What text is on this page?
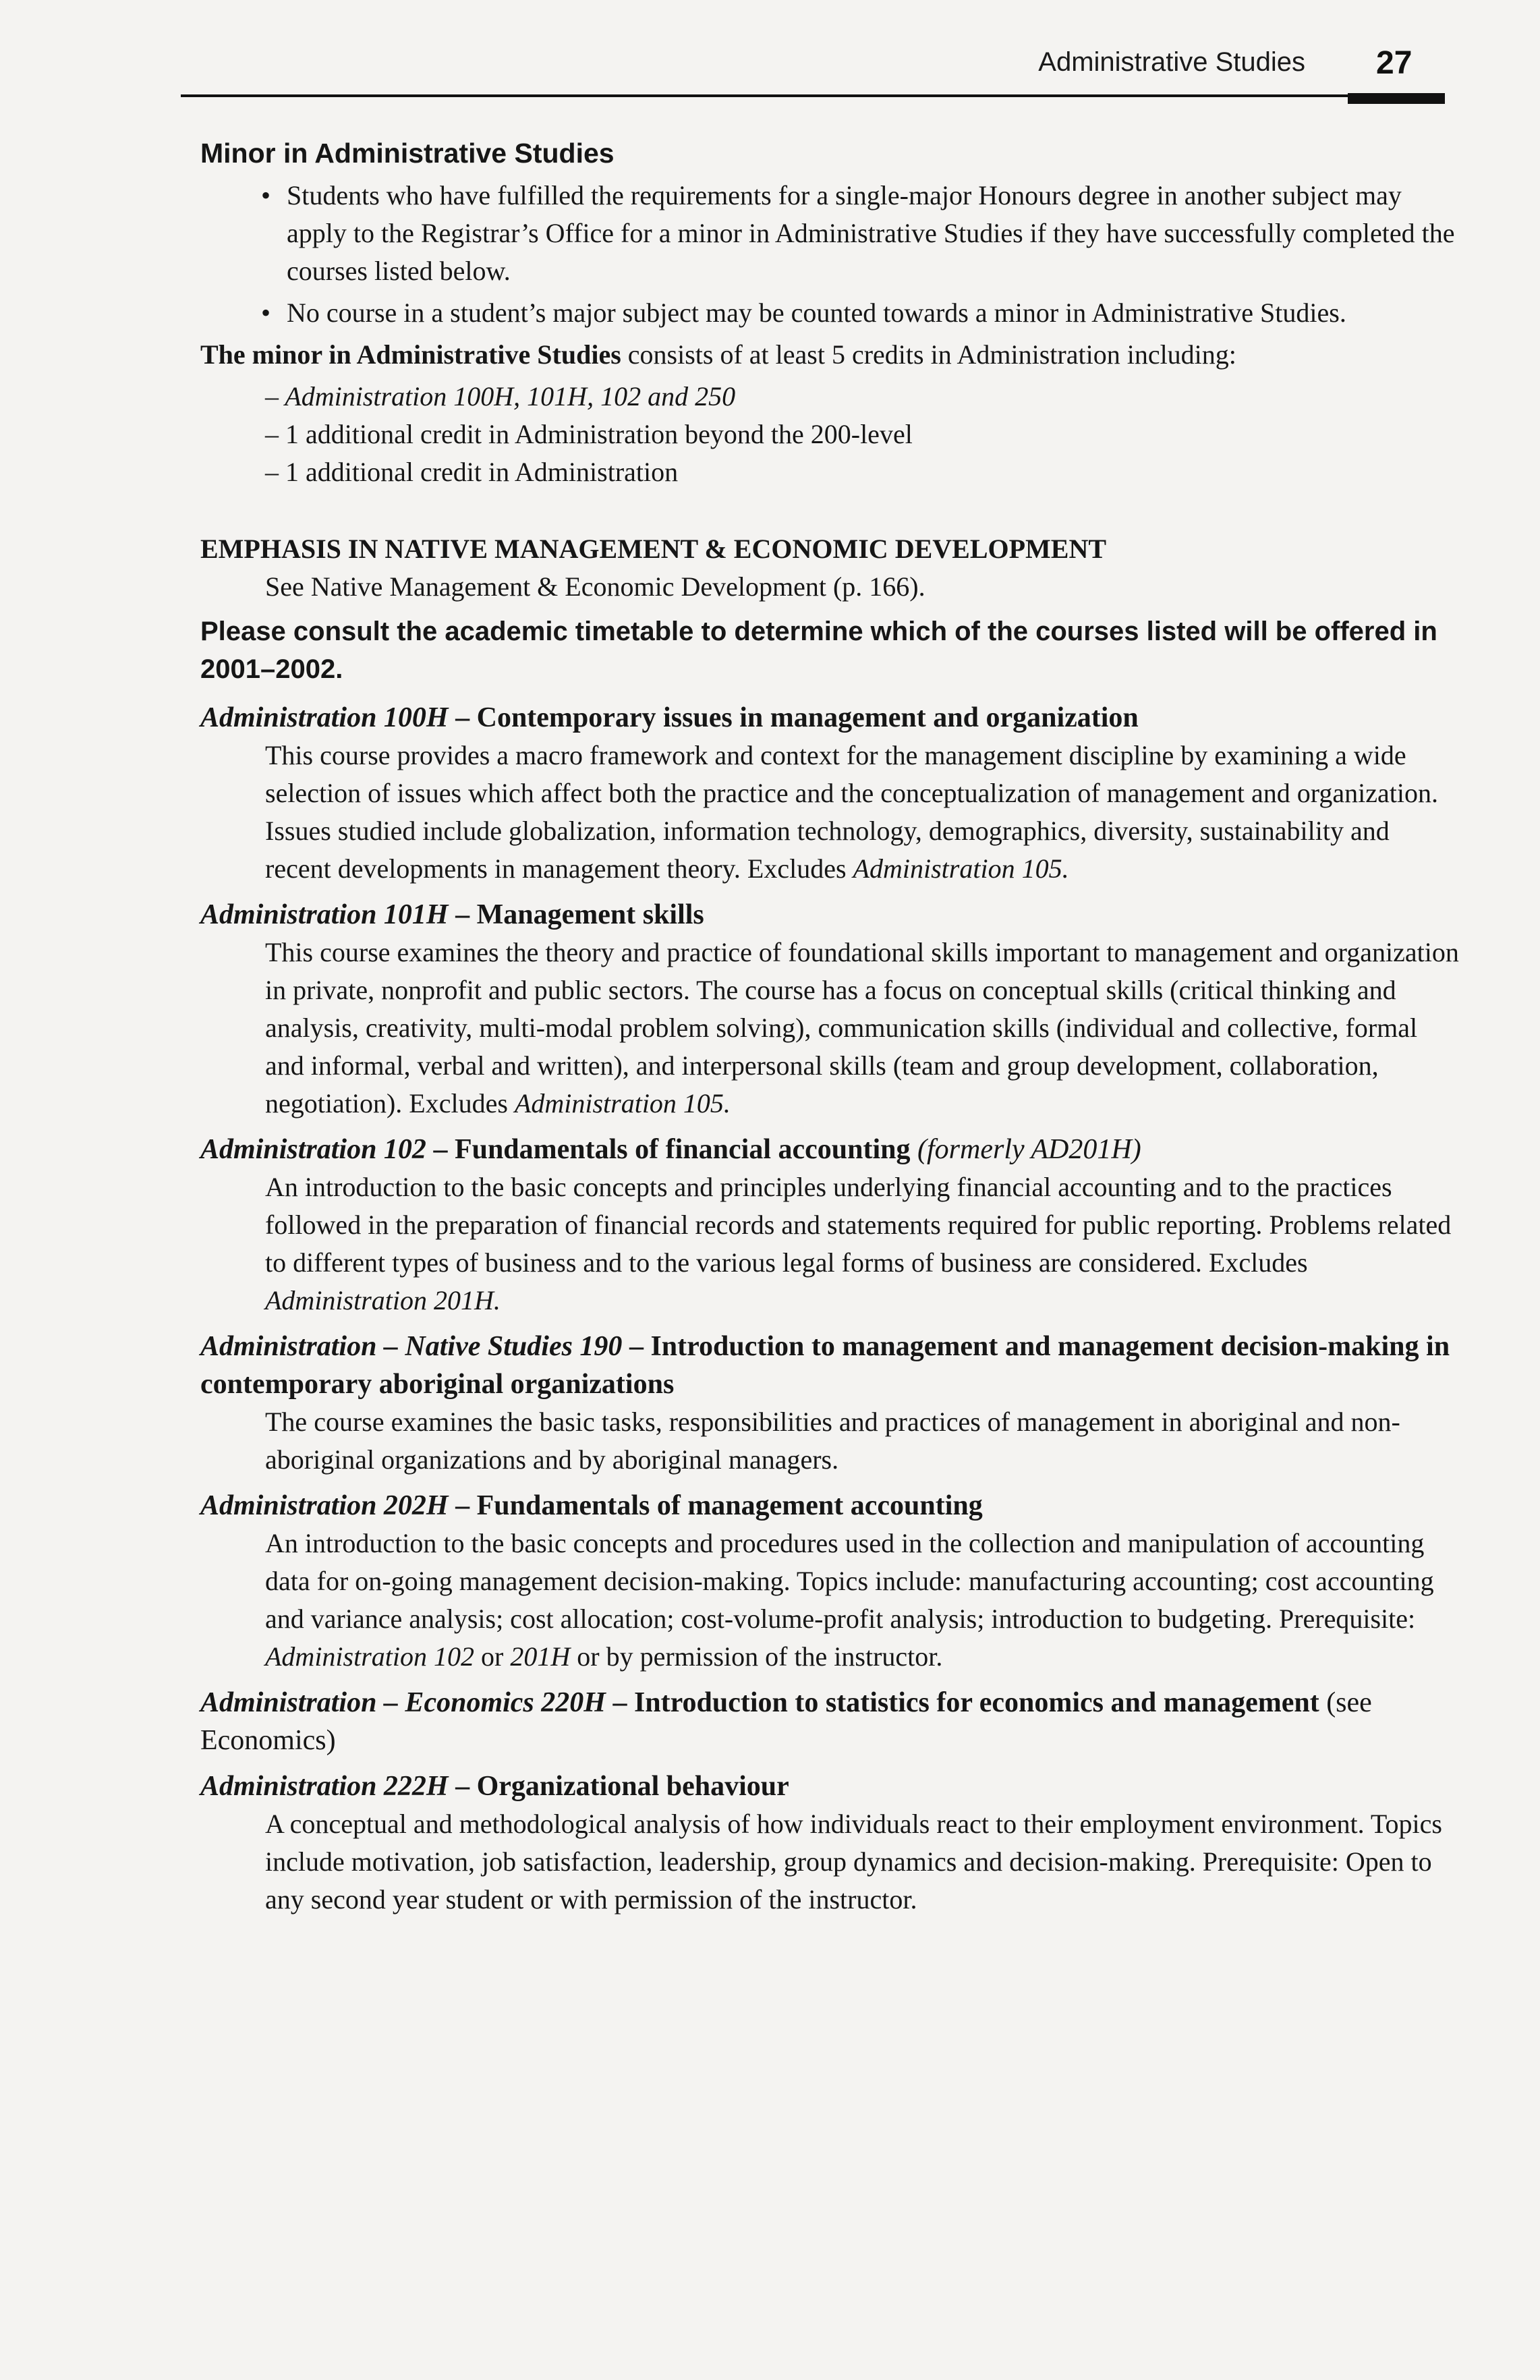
Administrative Studies 27
Minor in Administrative Studies
• Students who have fulfilled the requirements for a single-major Honours degree in another subject may apply to the Registrar’s Office for a minor in Administrative Studies if they have successfully completed the courses listed below.
• No course in a student’s major subject may be counted towards a minor in Administrative Studies.
The minor in Administrative Studies consists of at least 5 credits in Administration including:
– Administration 100H, 101H, 102 and 250
– 1 additional credit in Administration beyond the 200-level
– 1 additional credit in Administration
EMPHASIS IN NATIVE MANAGEMENT & ECONOMIC DEVELOPMENT
See Native Management & Economic Development (p. 166).
Please consult the academic timetable to determine which of the courses listed will be offered in 2001–2002.
Administration 100H – Contemporary issues in management and organization
This course provides a macro framework and context for the management discipline by examining a wide selection of issues which affect both the practice and the conceptualization of management and organization. Issues studied include globalization, information technology, demographics, diversity, sustainability and recent developments in management theory. Excludes Administration 105.
Administration 101H – Management skills
This course examines the theory and practice of foundational skills important to management and organization in private, nonprofit and public sectors. The course has a focus on conceptual skills (critical thinking and analysis, creativity, multi-modal problem solving), communication skills (individual and collective, formal and informal, verbal and written), and interpersonal skills (team and group development, collaboration, negotiation). Excludes Administration 105.
Administration 102 – Fundamentals of financial accounting (formerly AD201H)
An introduction to the basic concepts and principles underlying financial accounting and to the practices followed in the preparation of financial records and statements required for public reporting. Problems related to different types of business and to the various legal forms of business are considered. Excludes Administration 201H.
Administration – Native Studies 190 – Introduction to management and management decision-making in contemporary aboriginal organizations
The course examines the basic tasks, responsibilities and practices of management in aboriginal and non-aboriginal organizations and by aboriginal managers.
Administration 202H – Fundamentals of management accounting
An introduction to the basic concepts and procedures used in the collection and manipulation of accounting data for on-going management decision-making. Topics include: manufacturing accounting; cost accounting and variance analysis; cost allocation; cost-volume-profit analysis; introduction to budgeting. Prerequisite: Administration 102 or 201H or by permission of the instructor.
Administration – Economics 220H – Introduction to statistics for economics and management (see Economics)
Administration 222H – Organizational behaviour
A conceptual and methodological analysis of how individuals react to their employment environment. Topics include motivation, job satisfaction, leadership, group dynamics and decision-making. Prerequisite: Open to any second year student or with permission of the instructor.
